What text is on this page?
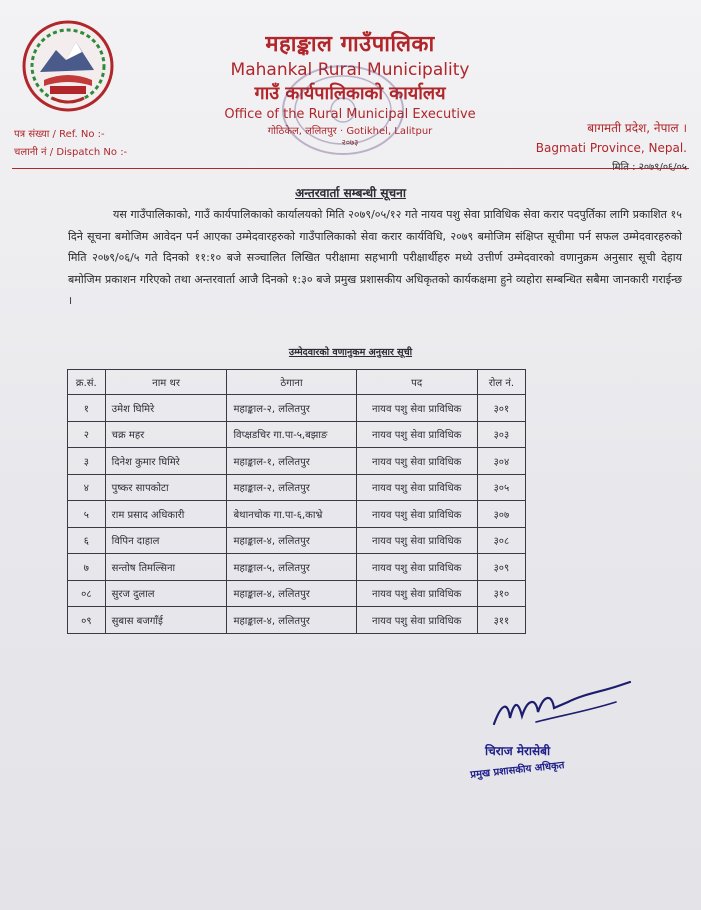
महाङ्काल गाउँपालिका
Mahankal Rural Municipality
गाउँ कार्यपालिकाको कार्यालय
Office of the Rural Municipal Executive
गोठिकेल, ललितपुर · Gotikhel, Lalitpur
२०७३
पत्र संख्या / Ref. No :-
चलानी नं / Dispatch No :-
बागमती प्रदेश, नेपाल ।
Bagmati Province, Nepal.
मिति : २०७९/०६/०५
अन्तरवार्ता सम्बन्धी सूचना
यस गाउँपालिकाको, गाउँ कार्यपालिकाको कार्यालयको मिति २०७९/०५/१२ गते नायव पशु सेवा प्राविधिक सेवा करार पदपुर्तिका लागि प्रकाशित १५ दिने सूचना बमोजिम आवेदन पर्न आएका उम्मेदवारहरुको गाउँपालिकाको सेवा करार कार्यविधि, २०७९ बमोजिम संक्षिप्त सूचीमा पर्न सफल उम्मेदवारहरुको मिति २०७९/०६/५ गते दिनको ११:१० बजे सञ्चालित लिखित परीक्षामा सहभागी परीक्षार्थीहरु मध्ये उत्तीर्ण उम्मेदवारको वणानुक्रम अनुसार सूची देहाय बमोजिम प्रकाशन गरिएको तथा अन्तरवार्ता आजै दिनको १:३० बजे प्रमुख प्रशासकीय अधिकृतको कार्यकक्षमा हुने व्यहोरा सम्बन्धित सबैमा जानकारी गराईन्छ ।
उम्मेदवारको वणानुकम अनुसार सूची
क्र.सं.	नाम थर	ठेगाना	पद	रोल नं.
१	उमेश घिमिरे	महाङ्काल-२, ललितपुर	नायव पशु सेवा प्राविधिक	३०१
२	चक्र महर	विप्क्षडचिर गा.पा-५,बझाङ	नायव पशु सेवा प्राविधिक	३०३
३	दिनेश कुमार घिमिरे	महाङ्काल-१, ललितपुर	नायव पशु सेवा प्राविधिक	३०४
४	पुष्कर सापकोटा	महाङ्काल-२, ललितपुर	नायव पशु सेवा प्राविधिक	३०५
५	राम प्रसाद अधिकारी	बेथानचोक गा.पा-६,काभ्रे	नायव पशु सेवा प्राविधिक	३०७
६	विपिन दाहाल	महाङ्काल-४, ललितपुर	नायव पशु सेवा प्राविधिक	३०८
७	सन्तोष तिमल्सिना	महाङ्काल-५, ललितपुर	नायव पशु सेवा प्राविधिक	३०९
०८	सुरज दुलाल	महाङ्काल-४, ललितपुर	नायव पशु सेवा प्राविधिक	३१०
०९	सुबास बजगाँई	महाङ्काल-४, ललितपुर	नायव पशु सेवा प्राविधिक	३११
चिराज मेरासेबी
प्रमुख प्रशासकीय अधिकृत
